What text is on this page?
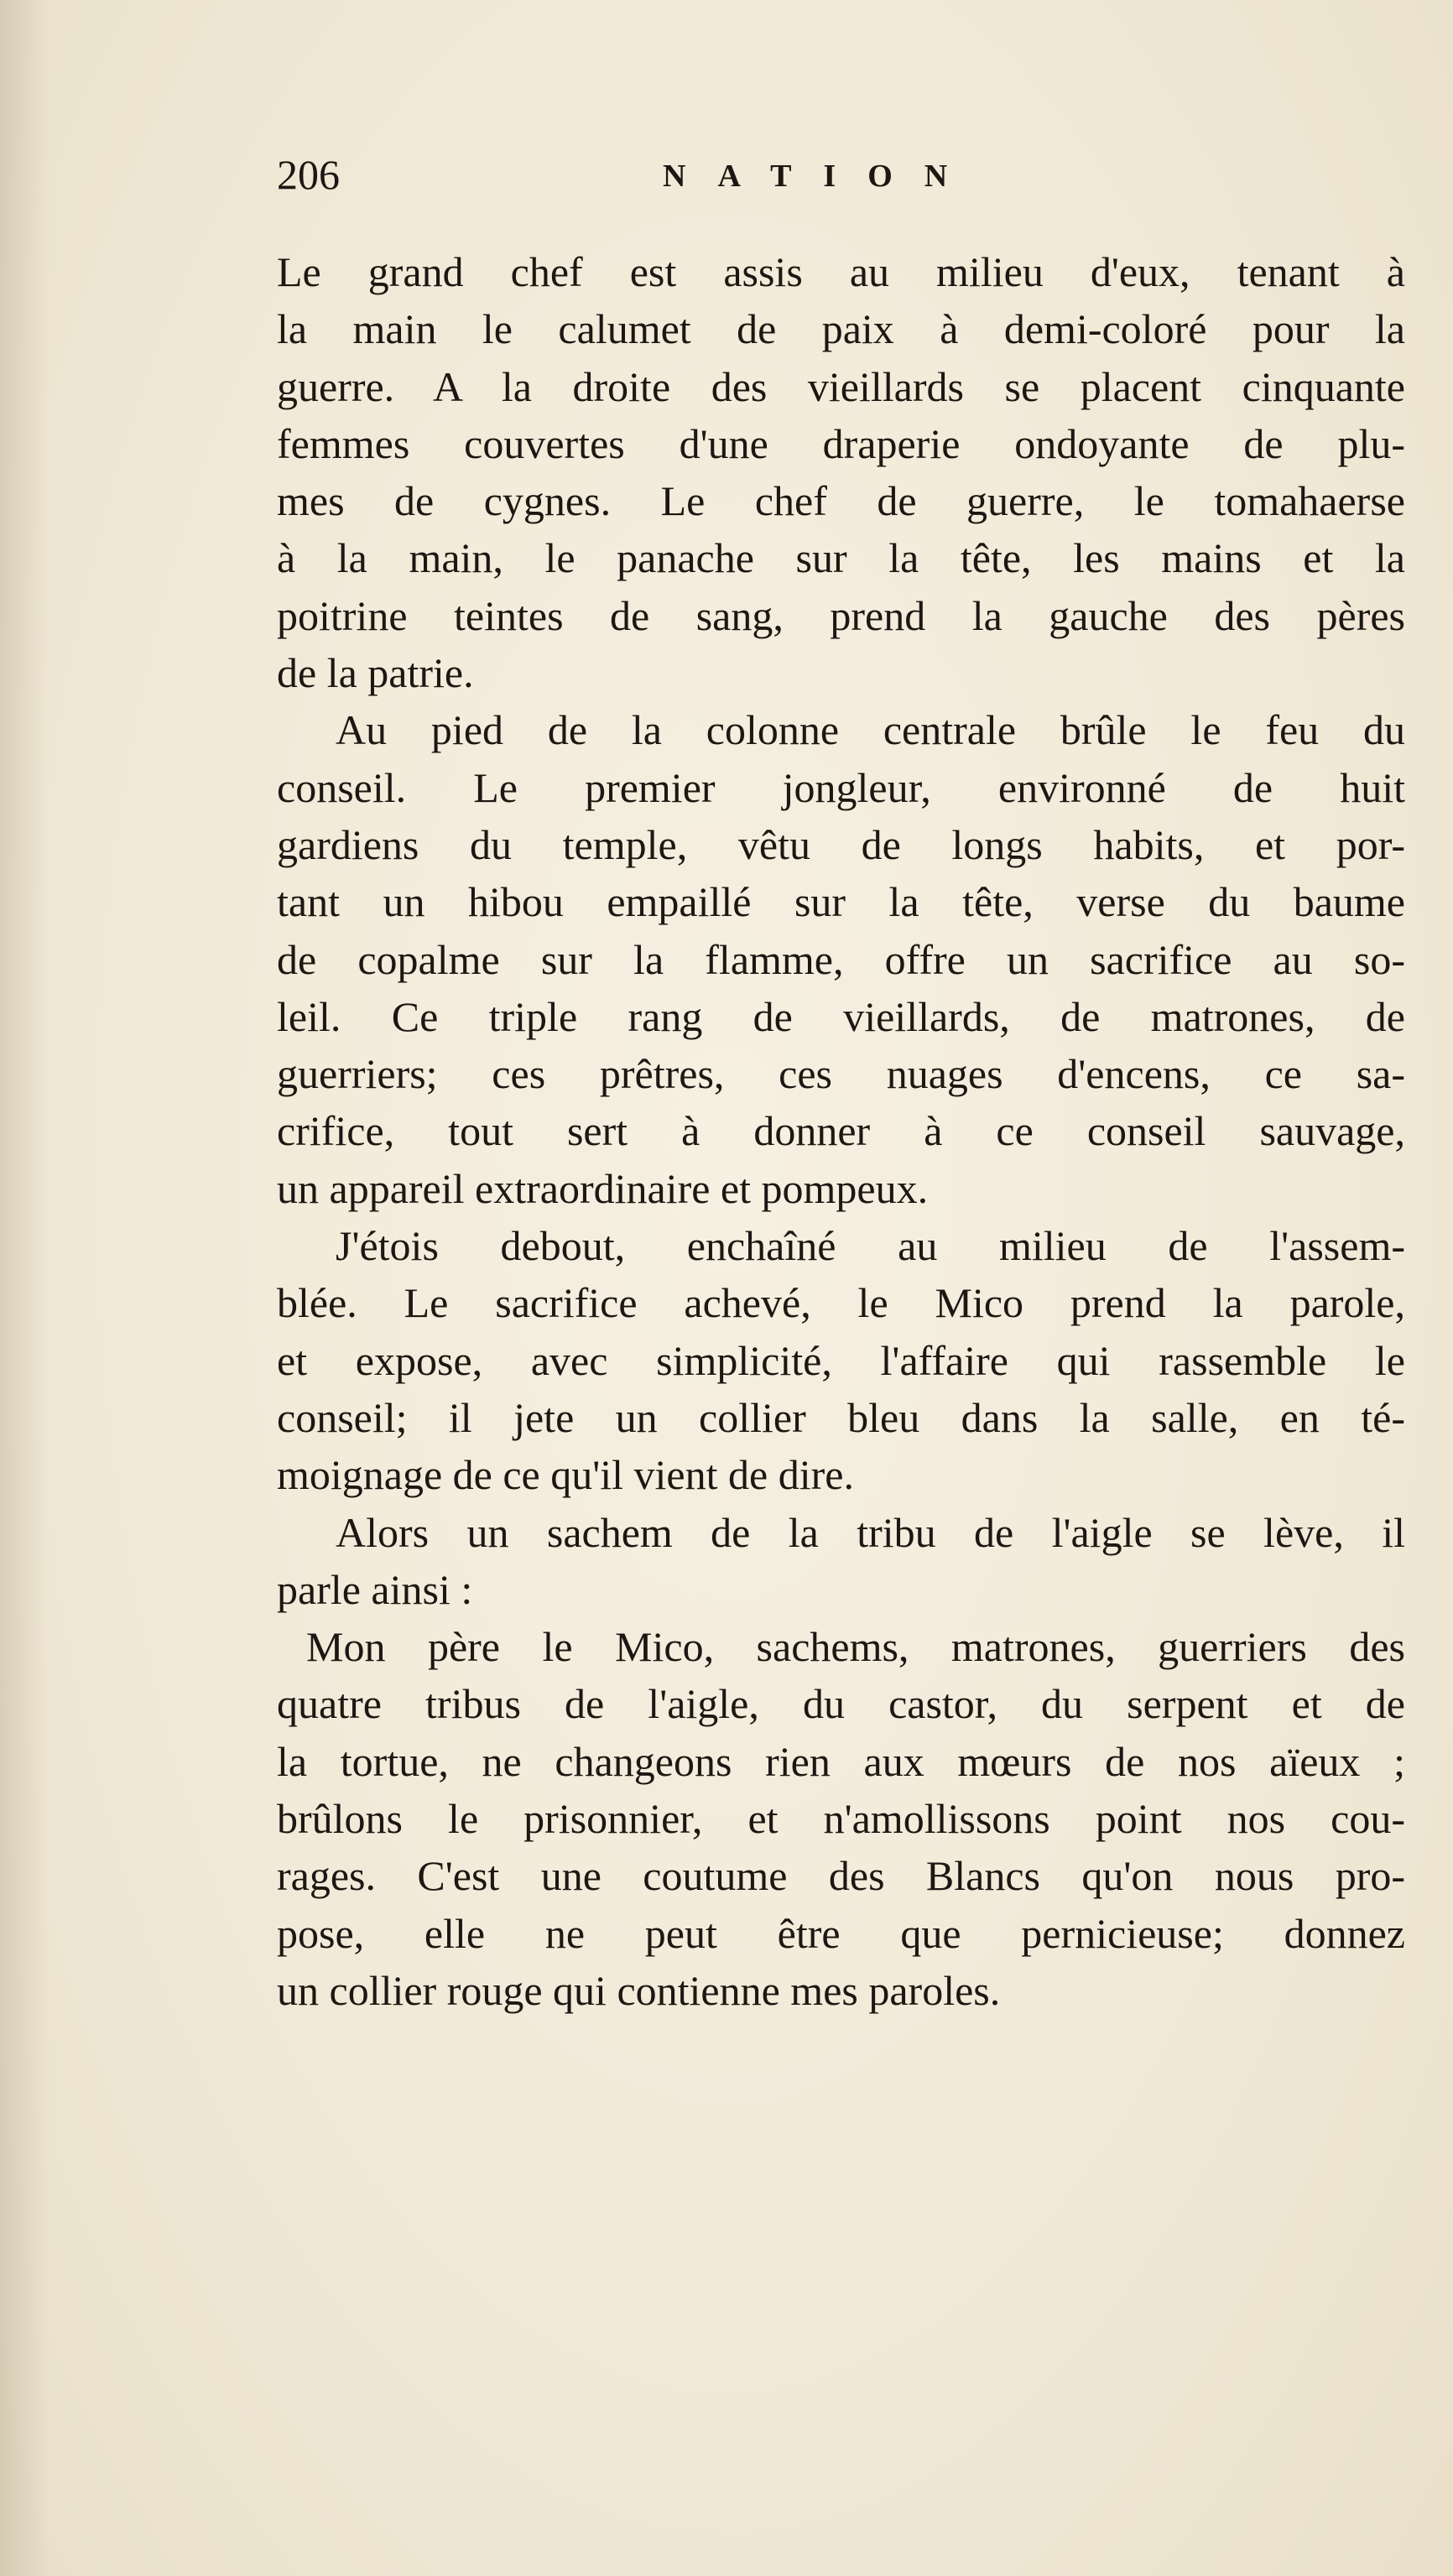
206	NATION
Le grand chef est assis au milieu d'eux, tenant à
la main le calumet de paix à demi-coloré pour la
guerre. A la droite des vieillards se placent cinquante
femmes couvertes d'une draperie ondoyante de plu-
mes de cygnes. Le chef de guerre, le tomahaerse
à la main, le panache sur la tête, les mains et la
poitrine teintes de sang, prend la gauche des pères
de la patrie.
Au pied de la colonne centrale brûle le feu du
conseil. Le premier jongleur, environné de huit
gardiens du temple, vêtu de longs habits, et por-
tant un hibou empaillé sur la tête, verse du baume
de copalme sur la flamme, offre un sacrifice au so-
leil. Ce triple rang de vieillards, de matrones, de
guerriers; ces prêtres, ces nuages d'encens, ce sa-
crifice, tout sert à donner à ce conseil sauvage,
un appareil extraordinaire et pompeux.
J'étois debout, enchaîné au milieu de l'assem-
blée. Le sacrifice achevé, le Mico prend la parole,
et expose, avec simplicité, l'affaire qui rassemble le
conseil; il jete un collier bleu dans la salle, en té-
moignage de ce qu'il vient de dire.
Alors un sachem de la tribu de l'aigle se lève, il
parle ainsi :
Mon père le Mico, sachems, matrones, guerriers des
quatre tribus de l'aigle, du castor, du serpent et de
la tortue, ne changeons rien aux mœurs de nos aïeux ;
brûlons le prisonnier, et n'amollissons point nos cou-
rages. C'est une coutume des Blancs qu'on nous pro-
pose, elle ne peut être que pernicieuse; donnez
un collier rouge qui contienne mes paroles.
